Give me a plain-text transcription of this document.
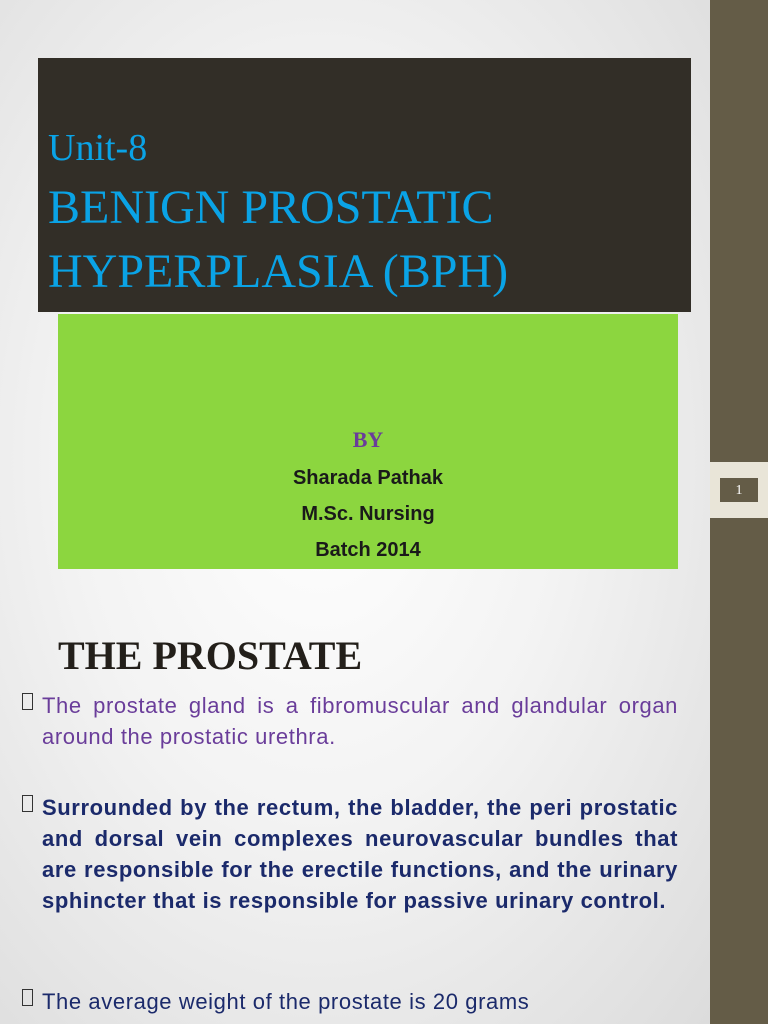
1
Unit-8
BENIGN PROSTATIC
HYPERPLASIA (BPH)
BY
Sharada Pathak
M.Sc. Nursing
Batch 2014
THE PROSTATE
The prostate gland is a fibromuscular and glandular organ around the prostatic urethra.
Surrounded by the rectum, the bladder, the peri prostatic and dorsal vein complexes neurovascular bundles that are responsible for the erectile functions, and the urinary sphincter that is responsible for passive urinary control.
The average weight of the prostate is 20 grams
